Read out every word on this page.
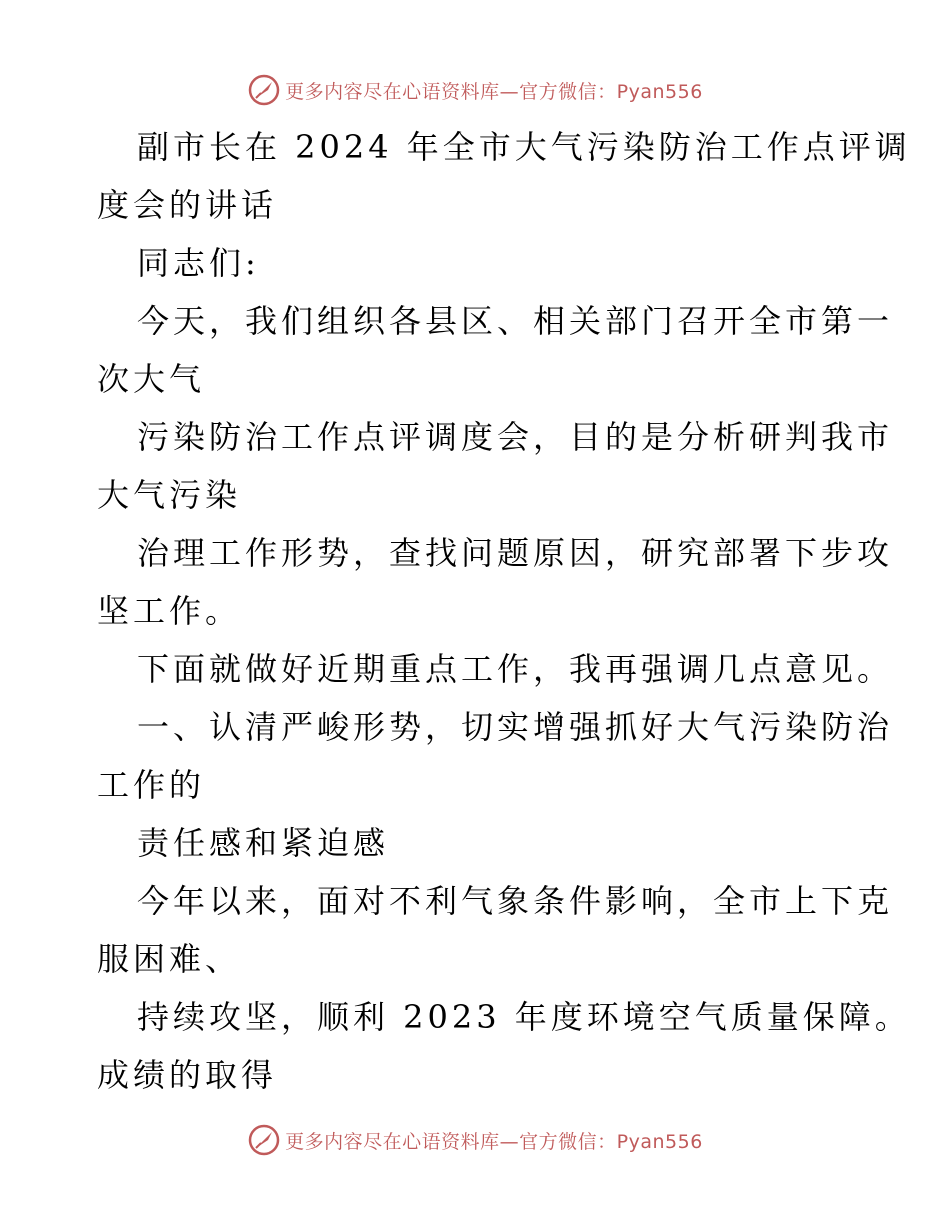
更多内容尽在心语资料库—官方微信：Pyan556
副市长在 2024 年全市大气污染防治工作点评调
度会的讲话
同志们:
今天，我们组织各县区、相关部门召开全市第一
次大气
污染防治工作点评调度会，目的是分析研判我市
大气污染
治理工作形势，查找问题原因，研究部署下步攻
坚工作。
下面就做好近期重点工作，我再强调几点意见。
一、认清严峻形势，切实增强抓好大气污染防治
工作的
责任感和紧迫感
今年以来，面对不利气象条件影响，全市上下克
服困难、
持续攻坚，顺利 2023 年度环境空气质量保障。
成绩的取得
更多内容尽在心语资料库—官方微信：Pyan556
